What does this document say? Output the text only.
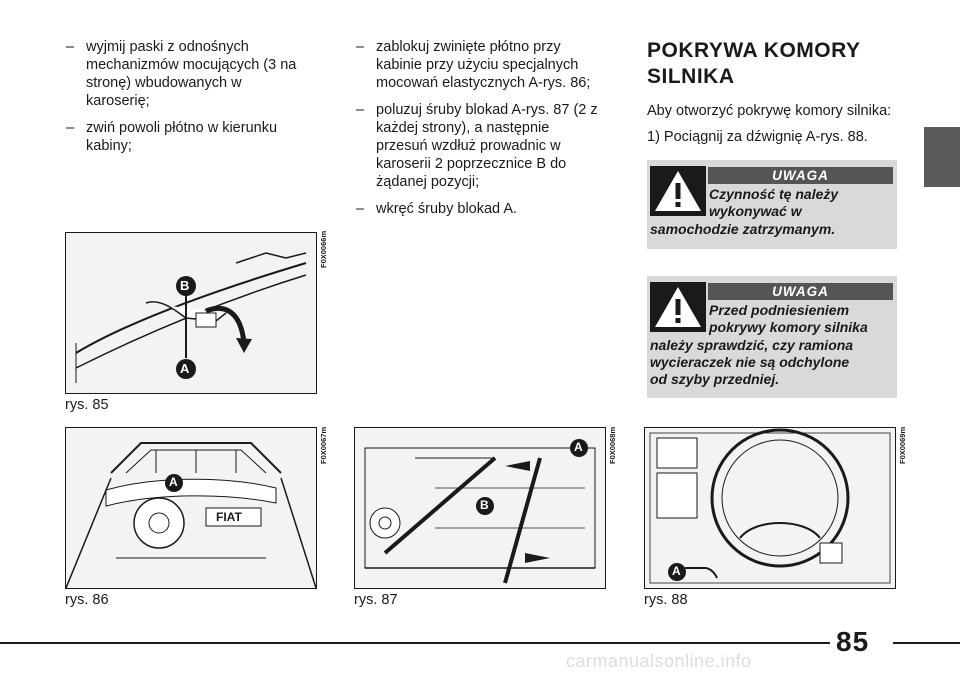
– wyjmij paski z odnośnych mechanizmów mocujących (3 na stronę) wbudowanych w karoserię;
– zwiń powoli płótno w kierunku kabiny;
– zablokuj zwinięte płótno przy kabinie przy użyciu specjalnych mocowań elastycznych A-rys. 86;
– poluzuj śruby blokad A-rys. 87 (2 z każdej strony), a następnie przesuń wzdłuż prowadnic w karoserii 2 poprzecznice B do żądanej pozycji;
– wkręć śruby blokad A.
POKRYWA KOMORY
SILNIKA
Aby otworzyć pokrywę komory silnika:
1) Pociągnij za dźwignię A-rys. 88.
UWAGA
Czynność tę należy
wykonywać w
samochodzie zatrzymanym.
UWAGA
Przed podniesieniem
pokrywy komory silnika
należy sprawdzić, czy ramiona
wycieraczek nie są odchylone
od szyby przedniej.
B
A
F0X0066m
rys. 85
A
FIAT
F0X0067m
rys. 86
A
B
F0X0068m
rys. 87
A
F0X0069m
rys. 88
85
carmanualsonline.info
